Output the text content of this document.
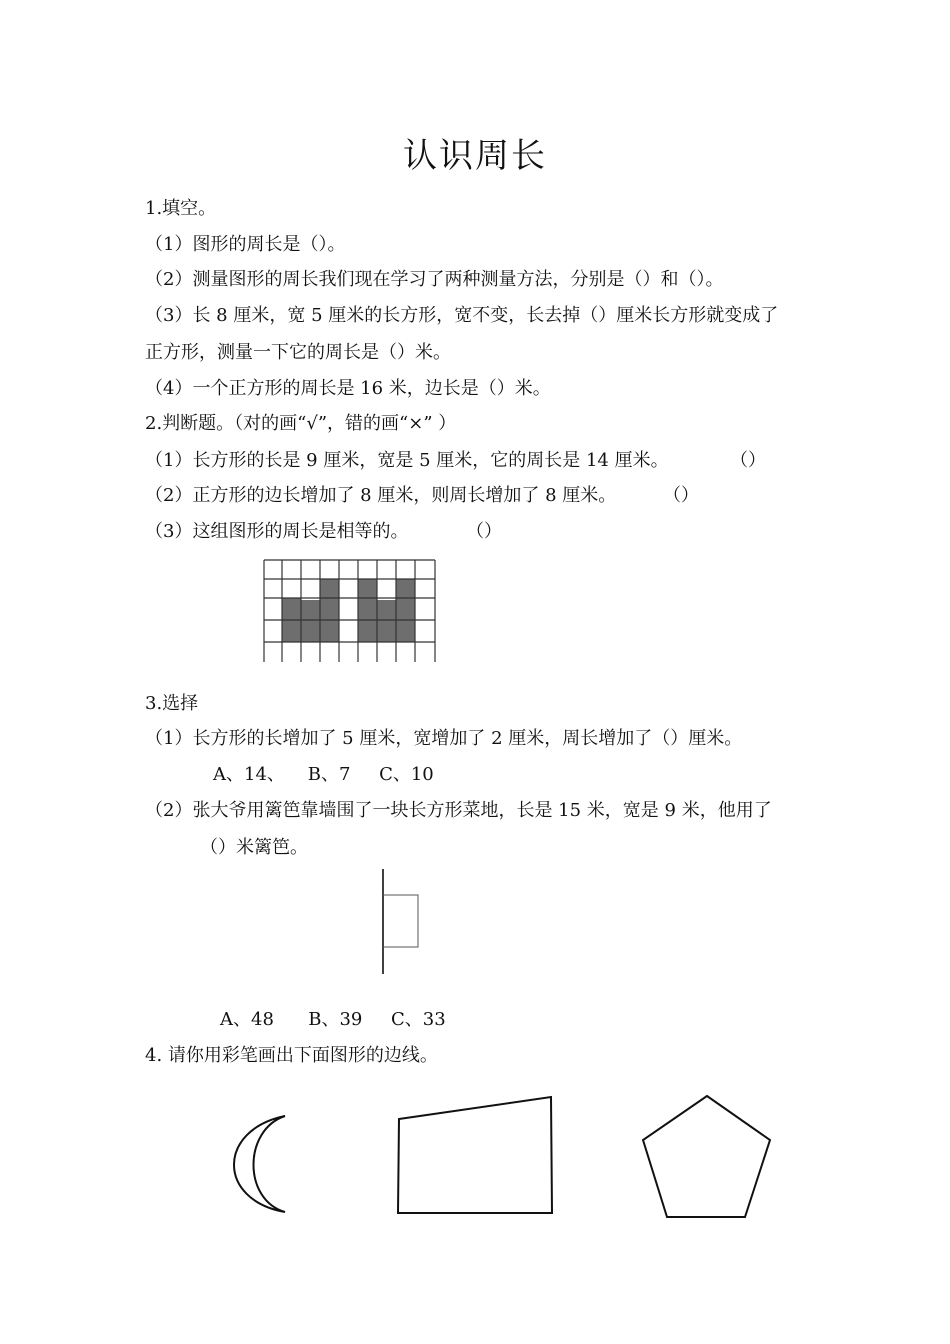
认识周长
1.填空。
（1）图形的周长是（）。
（2）测量图形的周长我们现在学习了两种测量方法，分别是（）和（）。
（3）长 8 厘米，宽 5 厘米的长方形，宽不变，长去掉（）厘米长方形就变成了
正方形，测量一下它的周长是（）米。
（4）一个正方形的周长是 16 米，边长是（）米。
2.判断题。（对的画“√”，错的画“×” ）
（1）长方形的长是 9 厘米，宽是 5 厘米，它的周长是 14 厘米。	（）
（2）正方形的边长增加了 8 厘米，则周长增加了 8 厘米。	（）
（3）这组图形的周长是相等的。	（）
3.选择
（1）长方形的长增加了 5 厘米，宽增加了 2 厘米，周长增加了（）厘米。
A、14、    B、7     C、10
（2）张大爷用篱笆靠墙围了一块长方形菜地，长是 15 米，宽是 9 米，他用了
（）米篱笆。
A、48      B、39     C、33
4. 请你用彩笔画出下面图形的边线。
